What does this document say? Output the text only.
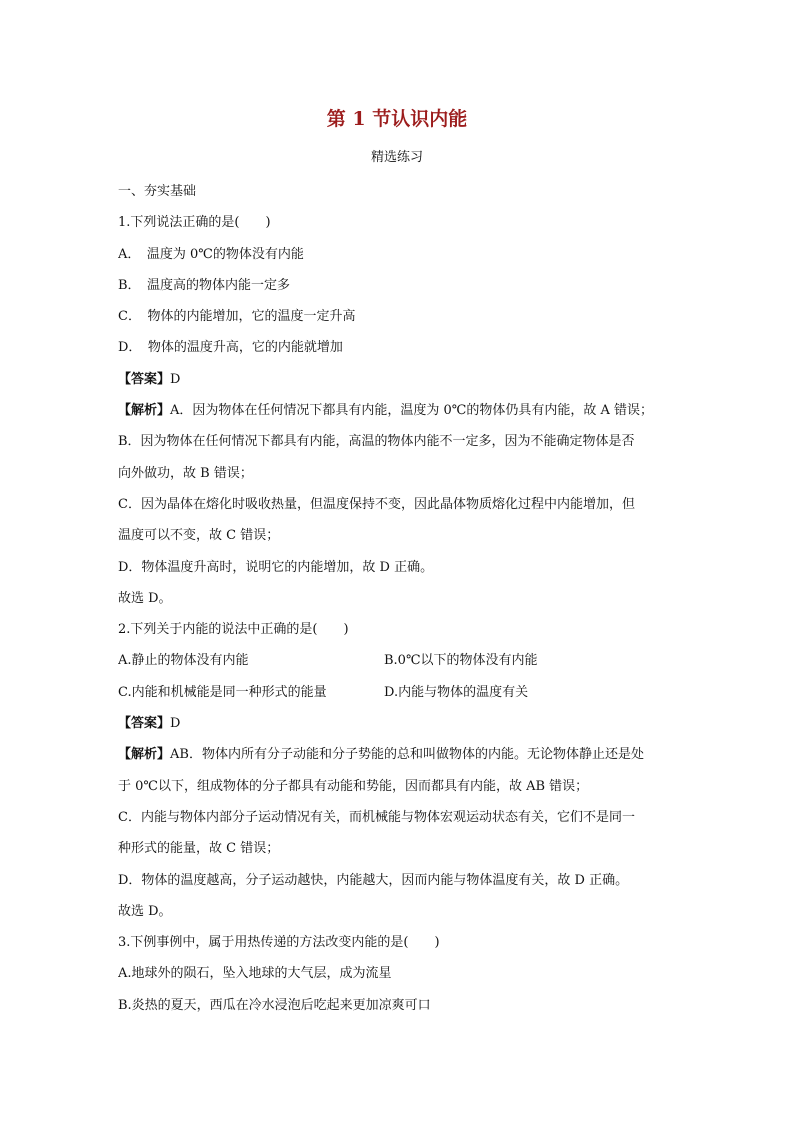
第 1 节认识内能
精选练习
一、夯实基础
1.下列说法正确的是(　　)
A．　温度为 0℃的物体没有内能
B．　温度高的物体内能一定多
C．　物体的内能增加，它的温度一定升高
D．　物体的温度升高，它的内能就增加
【答案】D
【解析】A．因为物体在任何情况下都具有内能，温度为 0℃的物体仍具有内能，故 A 错误；
B．因为物体在任何情况下都具有内能，高温的物体内能不一定多，因为不能确定物体是否
向外做功，故 B 错误；
C．因为晶体在熔化时吸收热量，但温度保持不变，因此晶体物质熔化过程中内能增加，但
温度可以不变，故 C 错误；
D．物体温度升高时，说明它的内能增加，故 D 正确。
故选 D。
2.下列关于内能的说法中正确的是(　　)
A.静止的物体没有内能	B.0℃以下的物体没有内能
C.内能和机械能是同一种形式的能量	D.内能与物体的温度有关
【答案】D
【解析】AB．物体内所有分子动能和分子势能的总和叫做物体的内能。无论物体静止还是处
于 0℃以下，组成物体的分子都具有动能和势能，因而都具有内能，故 AB 错误；
C．内能与物体内部分子运动情况有关，而机械能与物体宏观运动状态有关，它们不是同一
种形式的能量，故 C 错误；
D．物体的温度越高，分子运动越快，内能越大，因而内能与物体温度有关，故 D 正确。
故选 D。
3.下例事例中，属于用热传递的方法改变内能的是(　　)
A.地球外的陨石，坠入地球的大气层，成为流星
B.炎热的夏天，西瓜在冷水浸泡后吃起来更加凉爽可口
